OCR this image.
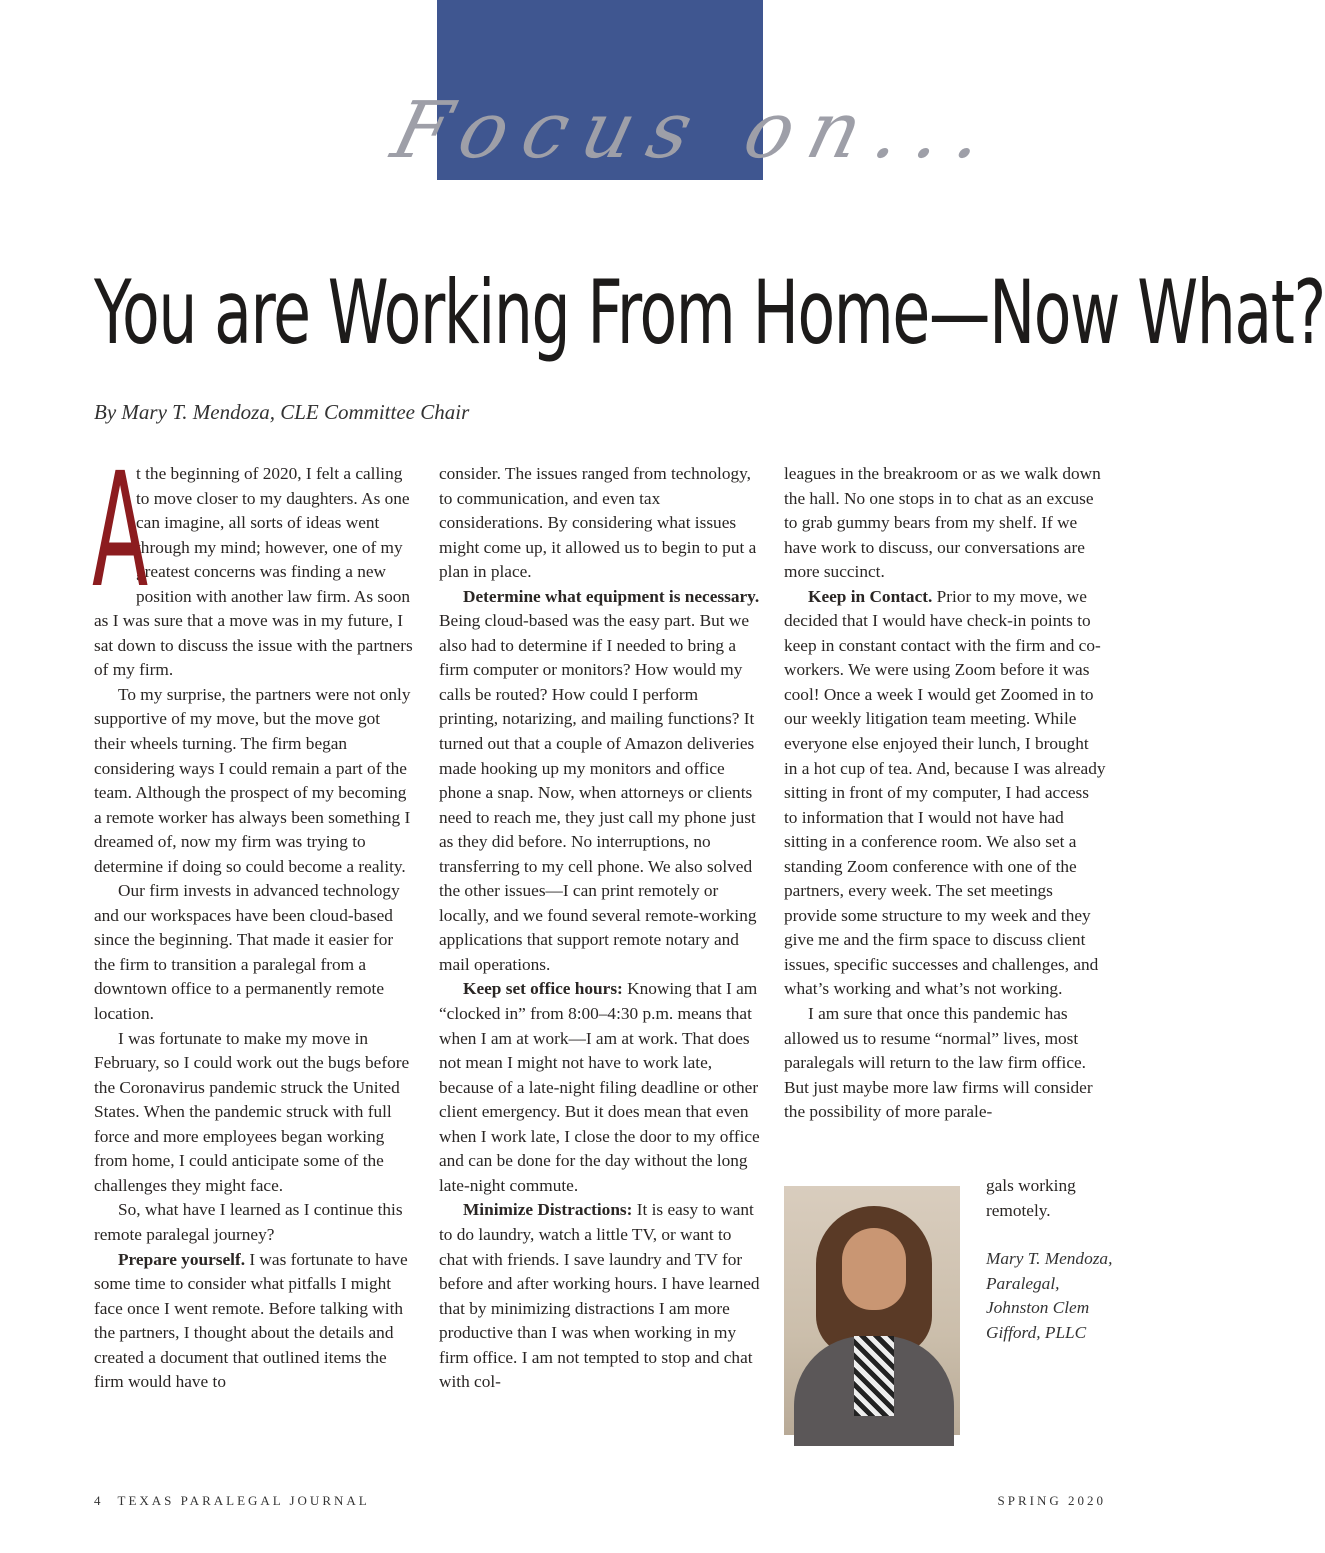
Focus on...
You are Working From Home—Now What?
By Mary T. Mendoza, CLE Committee Chair

A
t the beginning of 2020, I felt a calling to move closer to my daughters. As one can imagine, all sorts of ideas went through my mind; however, one of my greatest concerns was finding a new position with another law firm. As soon as I was sure that a move was in my future, I sat down to discuss the issue with the partners of my firm.

To my surprise, the partners were not only supportive of my move, but the move got their wheels turning. The firm began considering ways I could remain a part of the team. Although the prospect of my becoming a remote worker has always been something I dreamed of, now my firm was trying to determine if doing so could become a reality.

Our firm invests in advanced technology and our workspaces have been cloud-based since the beginning. That made it easier for the firm to transition a paralegal from a downtown office to a permanently remote location.

I was fortunate to make my move in February, so I could work out the bugs before the Coronavirus pandemic struck the United States. When the pandemic struck with full force and more employees began working from home, I could anticipate some of the challenges they might face.

So, what have I learned as I continue this remote paralegal journey?

Prepare yourself. I was fortunate to have some time to consider what pitfalls I might face once I went remote. Before talking with the partners, I thought about the details and created a document that outlined items the firm would have to

consider. The issues ranged from technology, to communication, and even tax considerations. By considering what issues might come up, it allowed us to begin to put a plan in place.

Determine what equipment is necessary. Being cloud-based was the easy part. But we also had to determine if I needed to bring a firm computer or monitors? How would my calls be routed? How could I perform printing, notarizing, and mailing functions? It turned out that a couple of Amazon deliveries made hooking up my monitors and office phone a snap. Now, when attorneys or clients need to reach me, they just call my phone just as they did before. No interruptions, no transferring to my cell phone. We also solved the other issues—I can print remotely or locally, and we found several remote-working applications that support remote notary and mail operations.

Keep set office hours: Knowing that I am “clocked in” from 8:00–4:30 p.m. means that when I am at work—I am at work. That does not mean I might not have to work late, because of a late-night filing deadline or other client emergency. But it does mean that even when I work late, I close the door to my office and can be done for the day without the long late-night commute.

Minimize Distractions: It is easy to want to do laundry, watch a little TV, or want to chat with friends. I save laundry and TV for before and after working hours. I have learned that by minimizing distractions I am more productive than I was when working in my firm office. I am not tempted to stop and chat with col-

leagues in the breakroom or as we walk down the hall. No one stops in to chat as an excuse to grab gummy bears from my shelf. If we have work to discuss, our conversations are more succinct.

Keep in Contact. Prior to my move, we decided that I would have check-in points to keep in constant contact with the firm and co-workers. We were using Zoom before it was cool! Once a week I would get Zoomed in to our weekly litigation team meeting. While everyone else enjoyed their lunch, I brought in a hot cup of tea. And, because I was already sitting in front of my computer, I had access to information that I would not have had sitting in a conference room. We also set a standing Zoom conference with one of the partners, every week. The set meetings provide some structure to my week and they give me and the firm space to discuss client issues, specific successes and challenges, and what’s working and what’s not working.

I am sure that once this pandemic has allowed us to resume “normal” lives, most paralegals will return to the law firm office. But just maybe more law firms will consider the possibility of more parale-

gals working remotely.
Mary T. Mendoza, Paralegal, Johnston Clem Gifford, PLLC
4 TEXAS PARALEGAL JOURNAL	SPRING 2020
